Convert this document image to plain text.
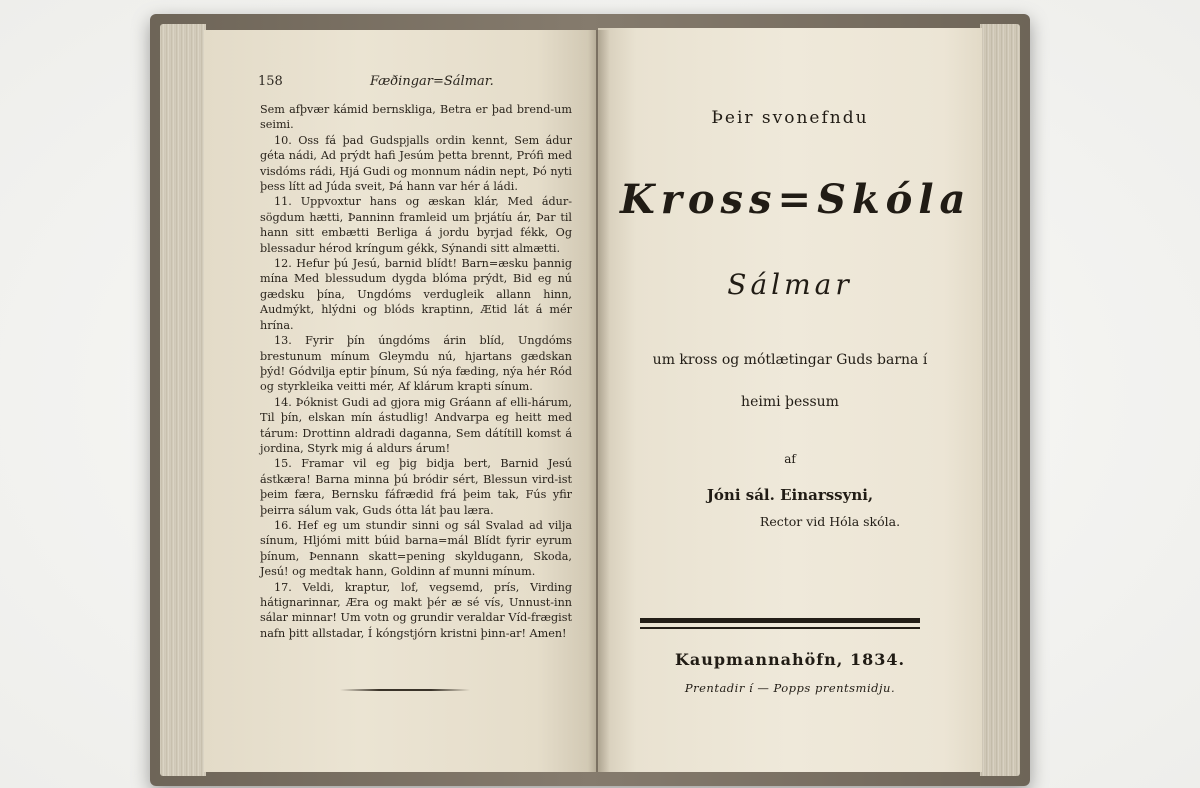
158	Fæðingar=Sálmar.

Sem afþvær kámid bernskliga, Betra er þad brend-um seimi.

10. Oss fá þad Gudspjalls ordin kennt, Sem ádur géta nádi, Ad prýdt hafi Jesúm þetta brennt, Prófi med visdóms rádi, Hjá Gudi og monnum nádin nept, Þó nyti þess lítt ad Júda sveit, Þá hann var hér á ládi.

11. Uppvoxtur hans og æskan klár, Med ádur-sögdum hætti, Þanninn framleid um þrjátíu ár, Þar til hann sitt embætti Berliga á jordu byrjad fékk, Og blessadur hérod kríngum gékk, Sýnandi sitt almætti.

12. Hefur þú Jesú, barnid blídt! Barn=æsku þannig mína Med blessudum dygda blóma prýdt, Bid eg nú gædsku þína, Ungdóms verdugleik allann hinn, Audmýkt, hlýdni og blóds kraptinn, Ætid lát á mér hrína.

13. Fyrir þín úngdóms árin blíd, Ungdóms brestunum mínum Gleymdu nú, hjartans gædskan þýd! Gódvilja eptir þínum, Sú nýa fæding, nýa hér Ród og styrkleika veitti mér, Af klárum krapti sínum.

14. Þóknist Gudi ad gjora mig Gráann af elli-hárum, Til þín, elskan mín ástudlig! Andvarpa eg heitt med tárum: Drottinn aldradi daganna, Sem dátítill komst á jordina, Styrk mig á aldurs árum!

15. Framar vil eg þig bidja bert, Barnid Jesú ástkæra! Barna minna þú bródir sért, Blessun vird-ist þeim færa, Bernsku fáfrædid frá þeim tak, Fús yfir þeirra sálum vak, Guds ótta lát þau læra.

16. Hef eg um stundir sinni og sál Svalad ad vilja sínum, Hljómi mitt búid barna=mál Blídt fyrir eyrum þínum, Þennann skatt=pening skyldugann, Skoda, Jesú! og medtak hann, Goldinn af munni mínum.

17. Veldi, kraptur, lof, vegsemd, prís, Virding hátignarinnar, Æra og makt þér æ sé vís, Unnust-inn sálar minnar! Um votn og grundir veraldar Víd-frægist nafn þitt allstadar, Í kóngstjórn kristni þinn-ar! Amen!

Þeir svonefndu
Kross=Skóla
Sálmar
um kross og mótlætingar Guds barna í
heimi þessum
af
Jóni sál. Einarssyni,
Rector vid Hóla skóla.
Kaupmannahöfn, 1834.
Prentadir í — Popps prentsmidju.
